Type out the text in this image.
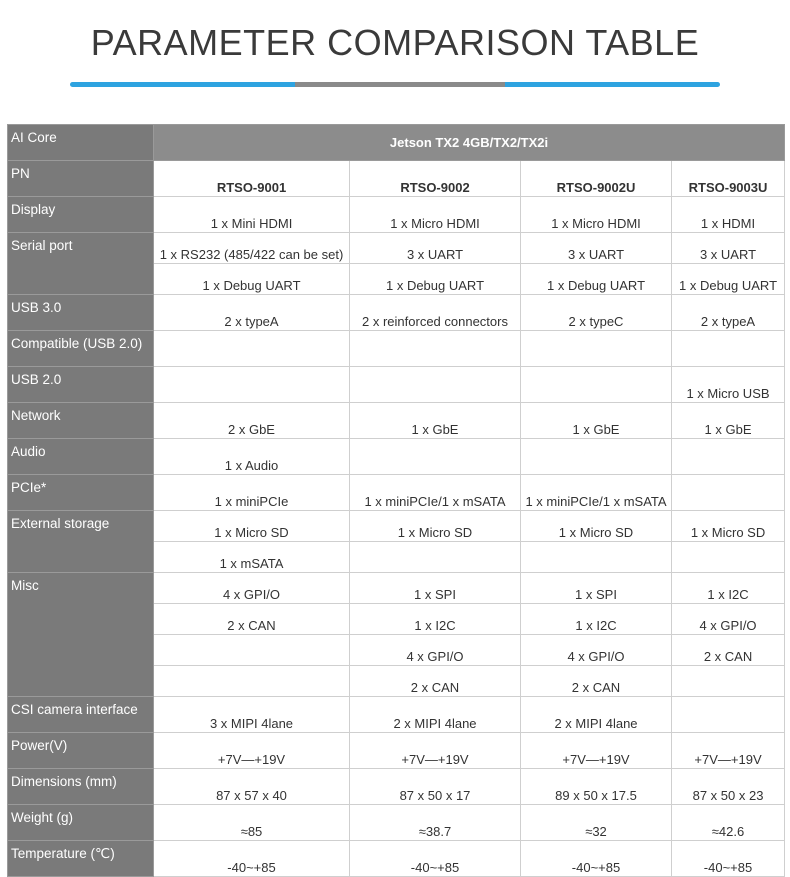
PARAMETER COMPARISON TABLE
AI Core	Jetson TX2 4GB/TX2/TX2i			
PN	RTSO-9001	RTSO-9002	RTSO-9002U	RTSO-9003U
Display	1 x Mini HDMI	1 x Micro HDMI	1 x Micro HDMI	1 x HDMI
Serial port	1 x RS232 (485/422 can be set)	3 x UART	3 x UART	3 x UART
	1 x Debug UART	1 x Debug UART	1 x Debug UART	1 x Debug UART
USB 3.0	2 x typeA	2 x reinforced connectors	2 x typeC	2 x typeA
Compatible (USB 2.0)				
USB 2.0				1 x Micro USB
Network	2 x GbE	1 x GbE	1 x GbE	1 x GbE
Audio	1 x Audio			
PCIe*	1 x miniPCIe	1 x miniPCIe/1 x mSATA	1 x miniPCIe/1 x mSATA	
External storage	1 x Micro SD	1 x Micro SD	1 x Micro SD	1 x Micro SD
	1 x mSATA			
Misc	4 x GPI/O	1 x SPI	1 x SPI	1 x I2C
	2 x CAN	1 x I2C	1 x I2C	4 x GPI/O
		4 x GPI/O	4 x GPI/O	2 x CAN
		2 x CAN	2 x CAN	
CSI camera interface	3 x MIPI 4lane	2 x MIPI 4lane	2 x MIPI 4lane	
Power(V)	+7V—+19V	+7V—+19V	+7V—+19V	+7V—+19V
Dimensions (mm)	87 x 57 x 40	87 x 50 x 17	89 x 50 x 17.5	87 x 50 x 23
Weight (g)	≈85	≈38.7	≈32	≈42.6
Temperature (℃)	-40~+85	-40~+85	-40~+85	-40~+85
